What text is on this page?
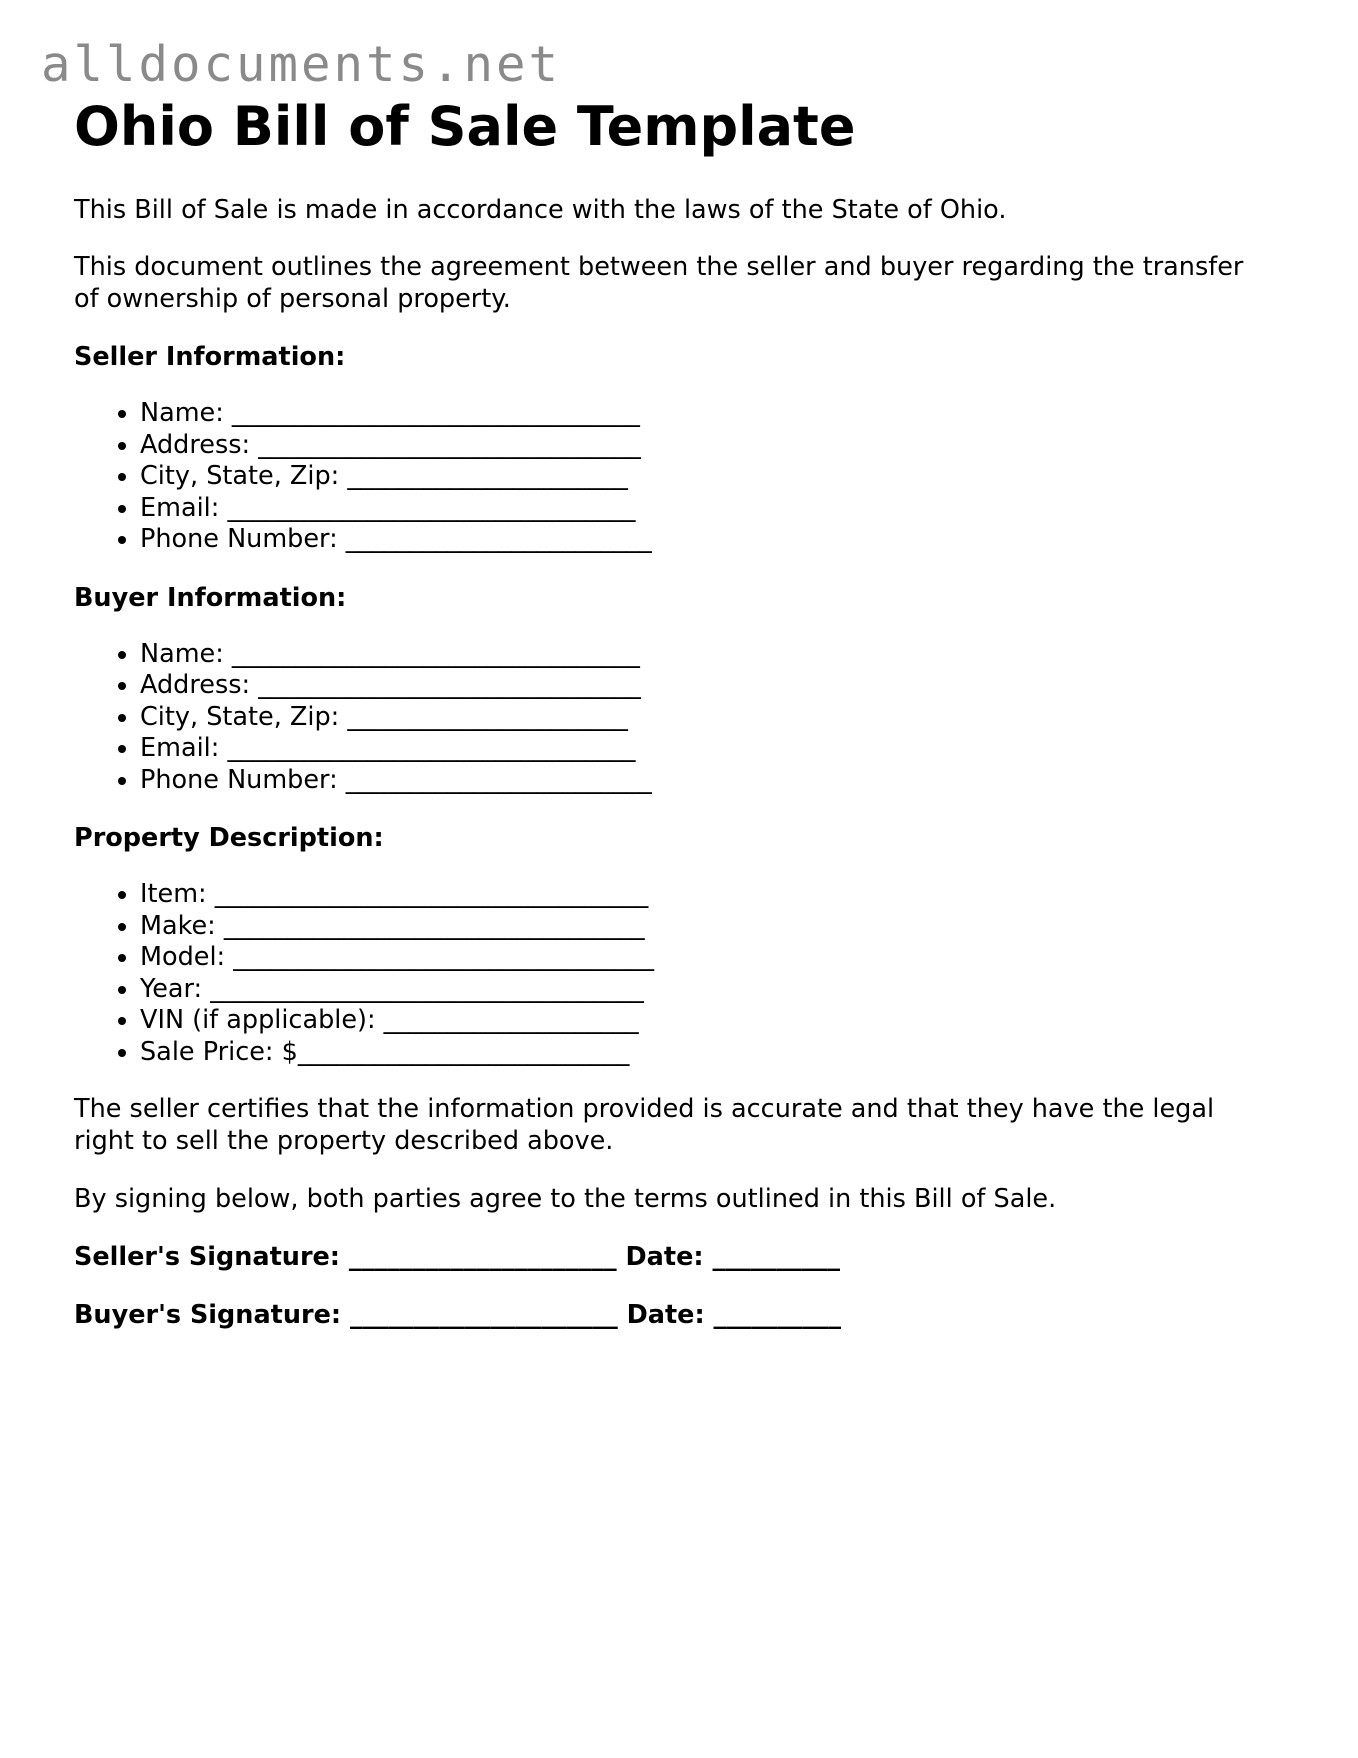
alldocuments.net
Ohio Bill of Sale Template

This Bill of Sale is made in accordance with the laws of the State of Ohio.

This document outlines the agreement between the seller and buyer regarding the transfer of ownership of personal property.

Seller Information:

• Name: ________________________________
• Address: ______________________________
• City, State, Zip: ______________________
• Email: ________________________________
• Phone Number: ________________________

Buyer Information:

• Name: ________________________________
• Address: ______________________________
• City, State, Zip: ______________________
• Email: ________________________________
• Phone Number: ________________________

Property Description:

• Item: __________________________________
• Make: _________________________________
• Model: _________________________________
• Year: __________________________________
• VIN (if applicable): ____________________
• Sale Price: $__________________________

The seller certifies that the information provided is accurate and that they have the legal right to sell the property described above.

By signing below, both parties agree to the terms outlined in this Bill of Sale.

Seller's Signature: _____________________ Date: __________

Buyer's Signature: _____________________ Date: __________
